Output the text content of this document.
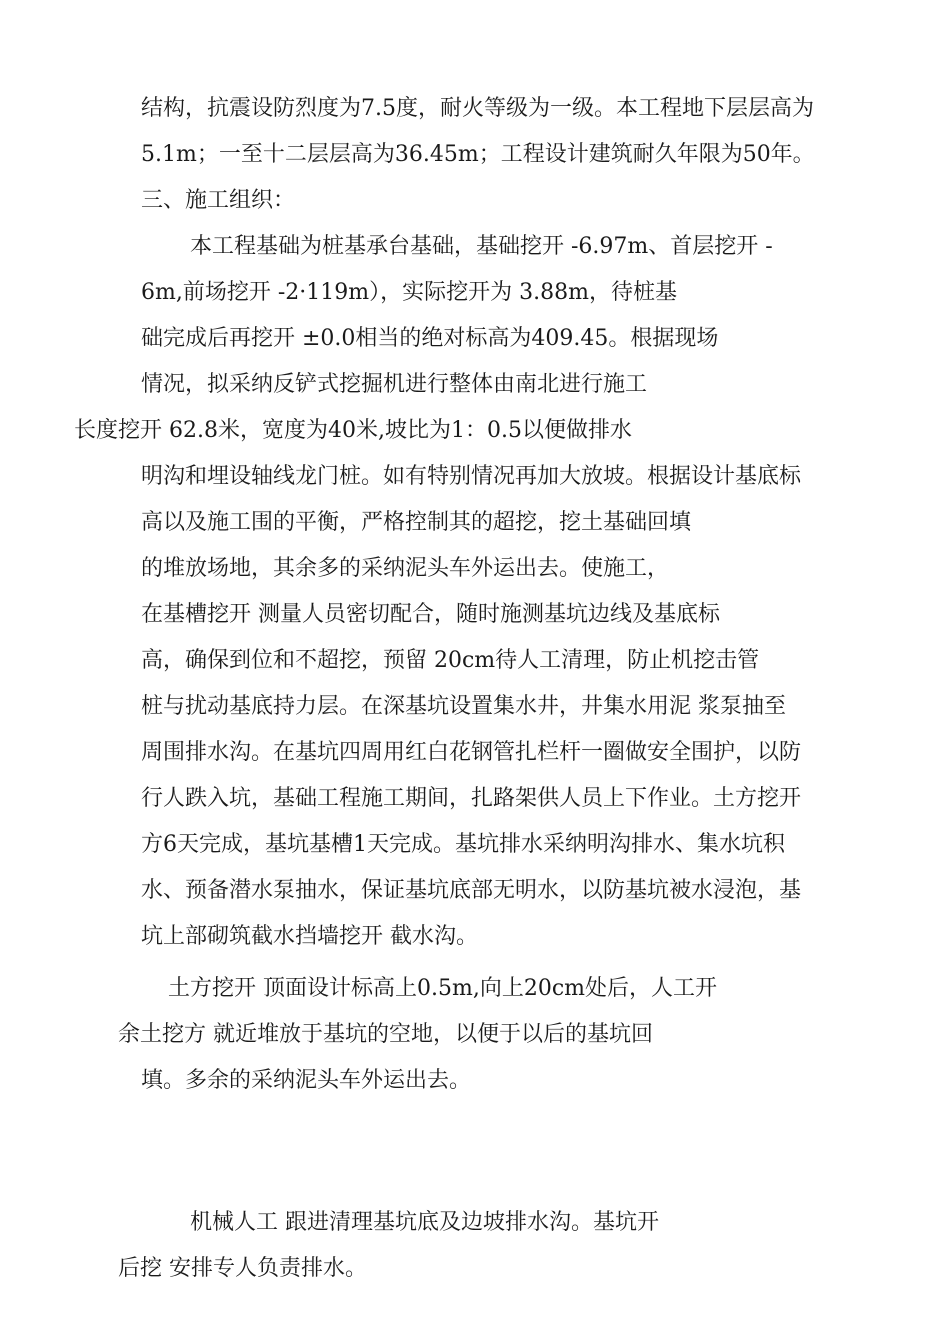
结构，抗震设防烈度为7.5度，耐火等级为一级。本工程地下层层高为
5.1m；一至十二层层高为36.45m；工程设计建筑耐久年限为50年。
三、施工组织：
本工程基础为桩基承台基础，基础挖开 -6.97m、首层挖开 -
6m,前场挖开 -2·119m），实际挖开为 3.88m，待桩基
础完成后再挖开 ±0.0相当的绝对标高为409.45。根据现场
情况，拟采纳反铲式挖掘机进行整体由南北进行施工
长度挖开 62.8米，宽度为40米,坡比为1：0.5以便做排水
明沟和埋设轴线龙门桩。如有特别情况再加大放坡。根据设计基底标
高以及施工围的平衡，严格控制其的超挖，挖土基础回填
的堆放场地，其余多的采纳泥头车外运出去。使施工，
在基槽挖开 测量人员密切配合，随时施测基坑边线及基底标
高，确保到位和不超挖，预留 20cm待人工清理，防止机挖击管
桩与扰动基底持力层。在深基坑设置集水井，井集水用泥 浆泵抽至
周围排水沟。在基坑四周用红白花钢管扎栏杆一圈做安全围护，以防
行人跌入坑，基础工程施工期间，扎路架供人员上下作业。土方挖开
方6天完成，基坑基槽1天完成。基坑排水采纳明沟排水、集水坑积
水、预备潜水泵抽水，保证基坑底部无明水，以防基坑被水浸泡，基
坑上部砌筑截水挡墙挖开 截水沟。
土方挖开 顶面设计标高上0.5m,向上20cm处后，人工开
余土挖方 就近堆放于基坑的空地，以便于以后的基坑回
填。多余的采纳泥头车外运出去。
机械人工 跟进清理基坑底及边坡排水沟。基坑开
后挖 安排专人负责排水。
